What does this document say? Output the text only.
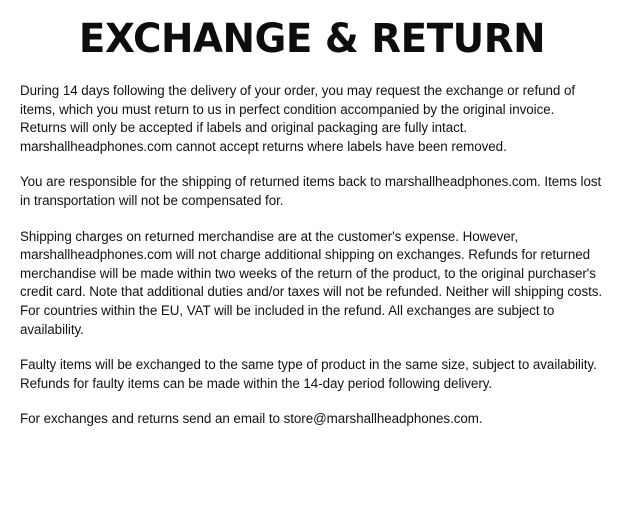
EXCHANGE & RETURN

During 14 days following the delivery of your order, you may request the exchange or refund of items, which you must return to us in perfect condition accompanied by the original invoice. Returns will only be accepted if labels and original packaging are fully intact. marshallheadphones.com cannot accept returns where labels have been removed.

You are responsible for the shipping of returned items back to marshallheadphones.com. Items lost in transportation will not be compensated for.

Shipping charges on returned merchandise are at the customer's expense. However, marshallheadphones.com will not charge additional shipping on exchanges. Refunds for returned merchandise will be made within two weeks of the return of the product, to the original purchaser's credit card. Note that additional duties and/or taxes will not be refunded. Neither will shipping costs. For countries within the EU, VAT will be included in the refund. All exchanges are subject to availability.

Faulty items will be exchanged to the same type of product in the same size, subject to availability. Refunds for faulty items can be made within the 14-day period following delivery.

For exchanges and returns send an email to store@marshallheadphones.com.
